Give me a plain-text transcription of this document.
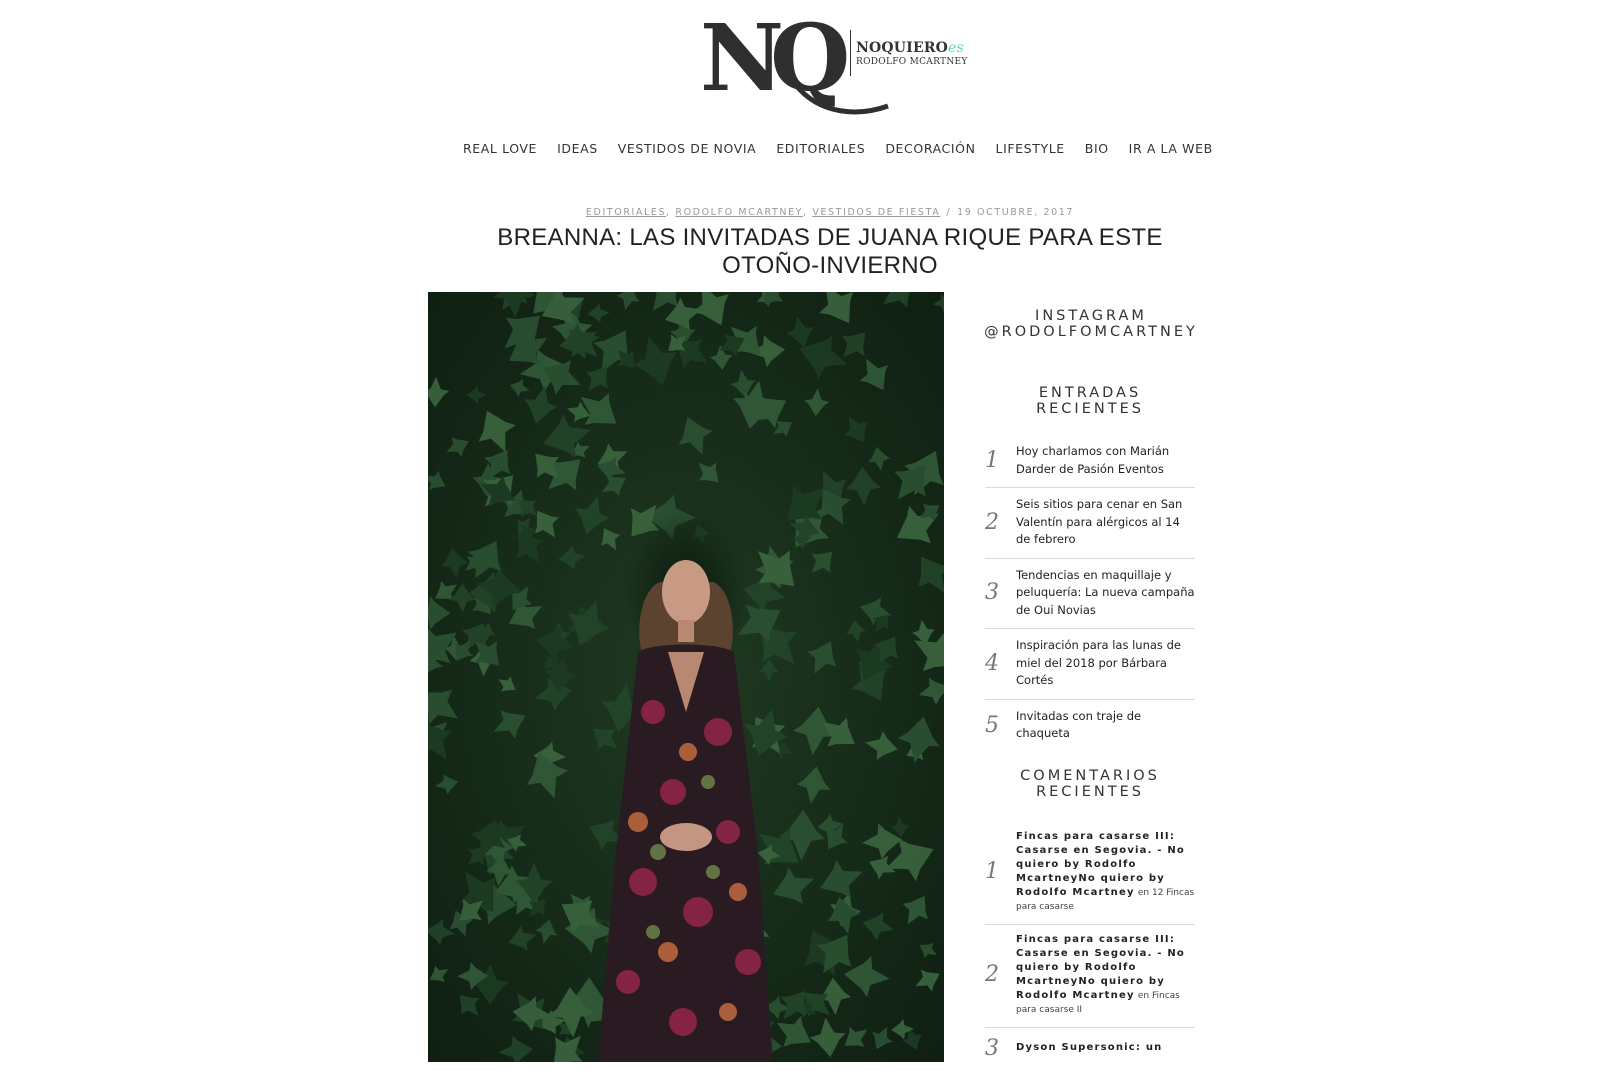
NQ NOQUIEROes
RODOLFO MCARTNEY
REAL LOVE IDEAS VESTIDOS DE NOVIA EDITORIALES DECORACIÓN LIFESTYLE BIO IR A LA WEB
EDITORIALES, RODOLFO MCARTNEY, VESTIDOS DE FIESTA / 19 OCTUBRE, 2017
BREANNA: LAS INVITADAS DE JUANA RIQUE PARA ESTE OTOÑO-INVIERNO
INSTAGRAM @RODOLFOMCARTNEY
ENTRADAS RECIENTES
1	Hoy charlamos con Marián Darder de Pasión Eventos
2
Seis sitios para cenar en San Valentín para alérgicos al 14 de febrero
3
Tendencias en maquillaje y peluquería: La nueva campaña de Oui Novias
4
Inspiración para las lunas de miel del 2018 por Bárbara Cortés
5	Invitadas con traje de chaqueta
COMENTARIOS RECIENTES
1
Fincas para casarse III: Casarse en Segovia. - No quiero by Rodolfo McartneyNo quiero by Rodolfo Mcartney en 12 Fincas para casarse
2
Fincas para casarse III: Casarse en Segovia. - No quiero by Rodolfo McartneyNo quiero by Rodolfo Mcartney en Fincas para casarse II
3	Dyson Supersonic: un
